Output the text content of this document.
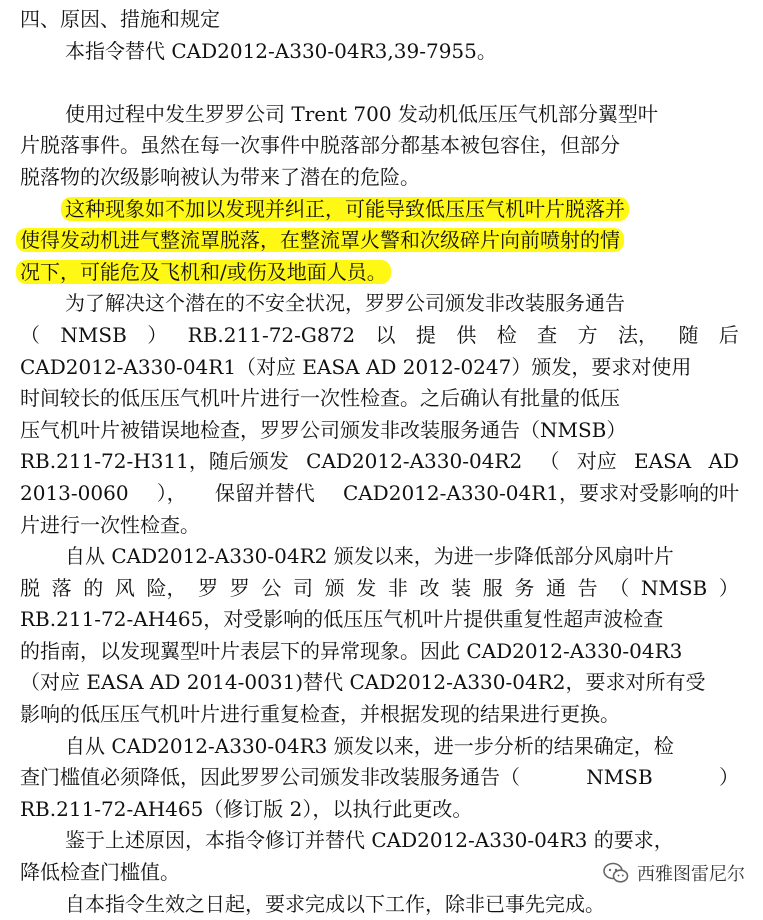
四、原因、措施和规定
本指令替代 CAD2012-A330-04R3,39-7955。
使用过程中发生罗罗公司 Trent 700 发动机低压压气机部分翼型叶
片脱落事件。虽然在每一次事件中脱落部分都基本被包容住，但部分
脱落物的次级影响被认为带来了潜在的危险。
这种现象如不加以发现并纠正，可能导致低压压气机叶片脱落并
使得发动机进气整流罩脱落，在整流罩火警和次级碎片向前喷射的情
况下，可能危及飞机和/或伤及地面人员。
为了解决这个潜在的不安全状况，罗罗公司颁发非改装服务通告
（ NMSB ） RB.211-72-G872 以 提 供 检 查 方 法， 随 后
CAD2012-A330-04R1（对应 EASA AD 2012-0247）颁发，要求对使用
时间较长的低压压气机叶片进行一次性检查。之后确认有批量的低压
压气机叶片被错误地检查，罗罗公司颁发非改装服务通告（NMSB）
RB.211-72-H311，随后颁发 CAD2012-A330-04R2 （ 对应 EASA AD
2013-0060 ）， 保留并替代 CAD2012-A330-04R1，要求对受影响的叶
片进行一次性检查。
自从 CAD2012-A330-04R2 颁发以来，为进一步降低部分风扇叶片
脱 落 的 风 险， 罗 罗 公 司 颁 发 非 改 装 服 务 通 告 （ NMSB ）
RB.211-72-AH465，对受影响的低压压气机叶片提供重复性超声波检查
的指南，以发现翼型叶片表层下的异常现象。因此 CAD2012-A330-04R3
（对应 EASA AD 2014-0031)替代 CAD2012-A330-04R2，要求对所有受
影响的低压压气机叶片进行重复检查，并根据发现的结果进行更换。
自从 CAD2012-A330-04R3 颁发以来，进一步分析的结果确定，检
查门槛值必须降低，因此罗罗公司颁发非改装服务通告（	NMSB	）
RB.211-72-AH465（修订版 2），以执行此更改。
鉴于上述原因，本指令修订并替代 CAD2012-A330-04R3 的要求，
降低检查门槛值。
自本指令生效之日起，要求完成以下工作，除非已事先完成。
西雅图雷尼尔
